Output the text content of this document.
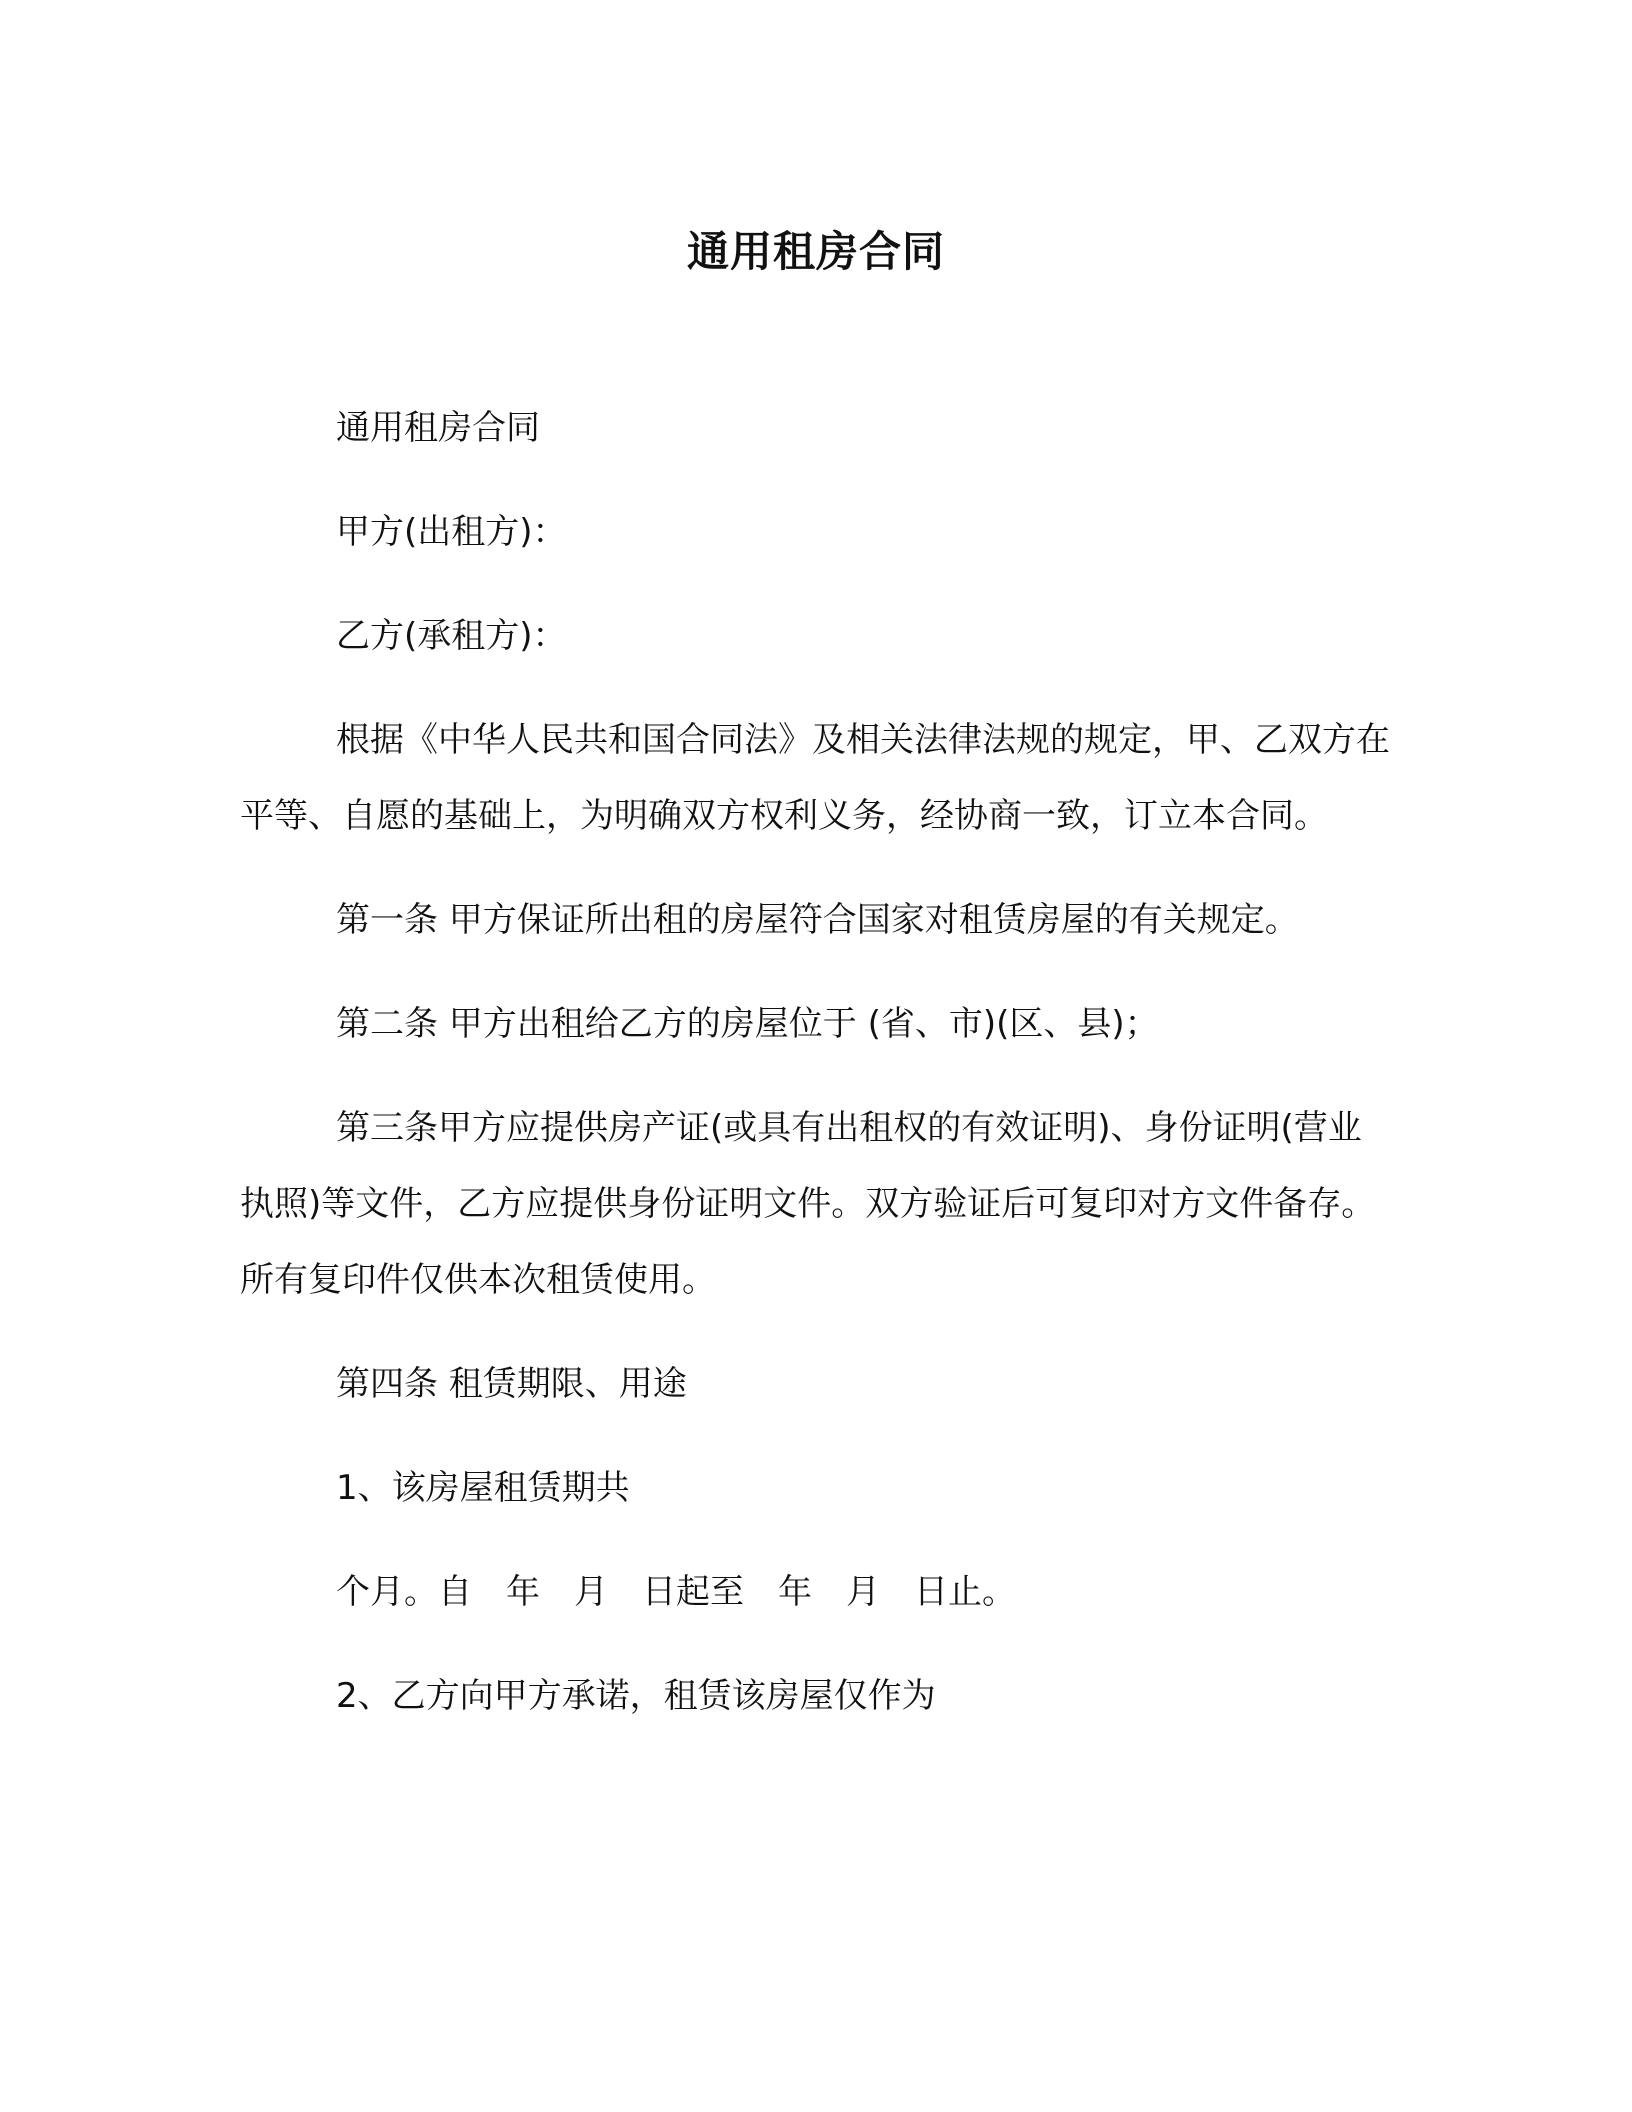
通用租房合同

通用租房合同

甲方(出租方)：

乙方(承租方)：

根据《中华人民共和国合同法》及相关法律法规的规定，甲、乙双方在平等、自愿的基础上，为明确双方权利义务，经协商一致，订立本合同。

第一条 甲方保证所出租的房屋符合国家对租赁房屋的有关规定。

第二条 甲方出租给乙方的房屋位于 (省、市)(区、县)；

第三条甲方应提供房产证(或具有出租权的有效证明)、身份证明(营业执照)等文件，乙方应提供身份证明文件。双方验证后可复印对方文件备存。所有复印件仅供本次租赁使用。

第四条 租赁期限、用途

1、该房屋租赁期共

个月。自　年　月　日起至　年　月　日止。

2、乙方向甲方承诺，租赁该房屋仅作为
